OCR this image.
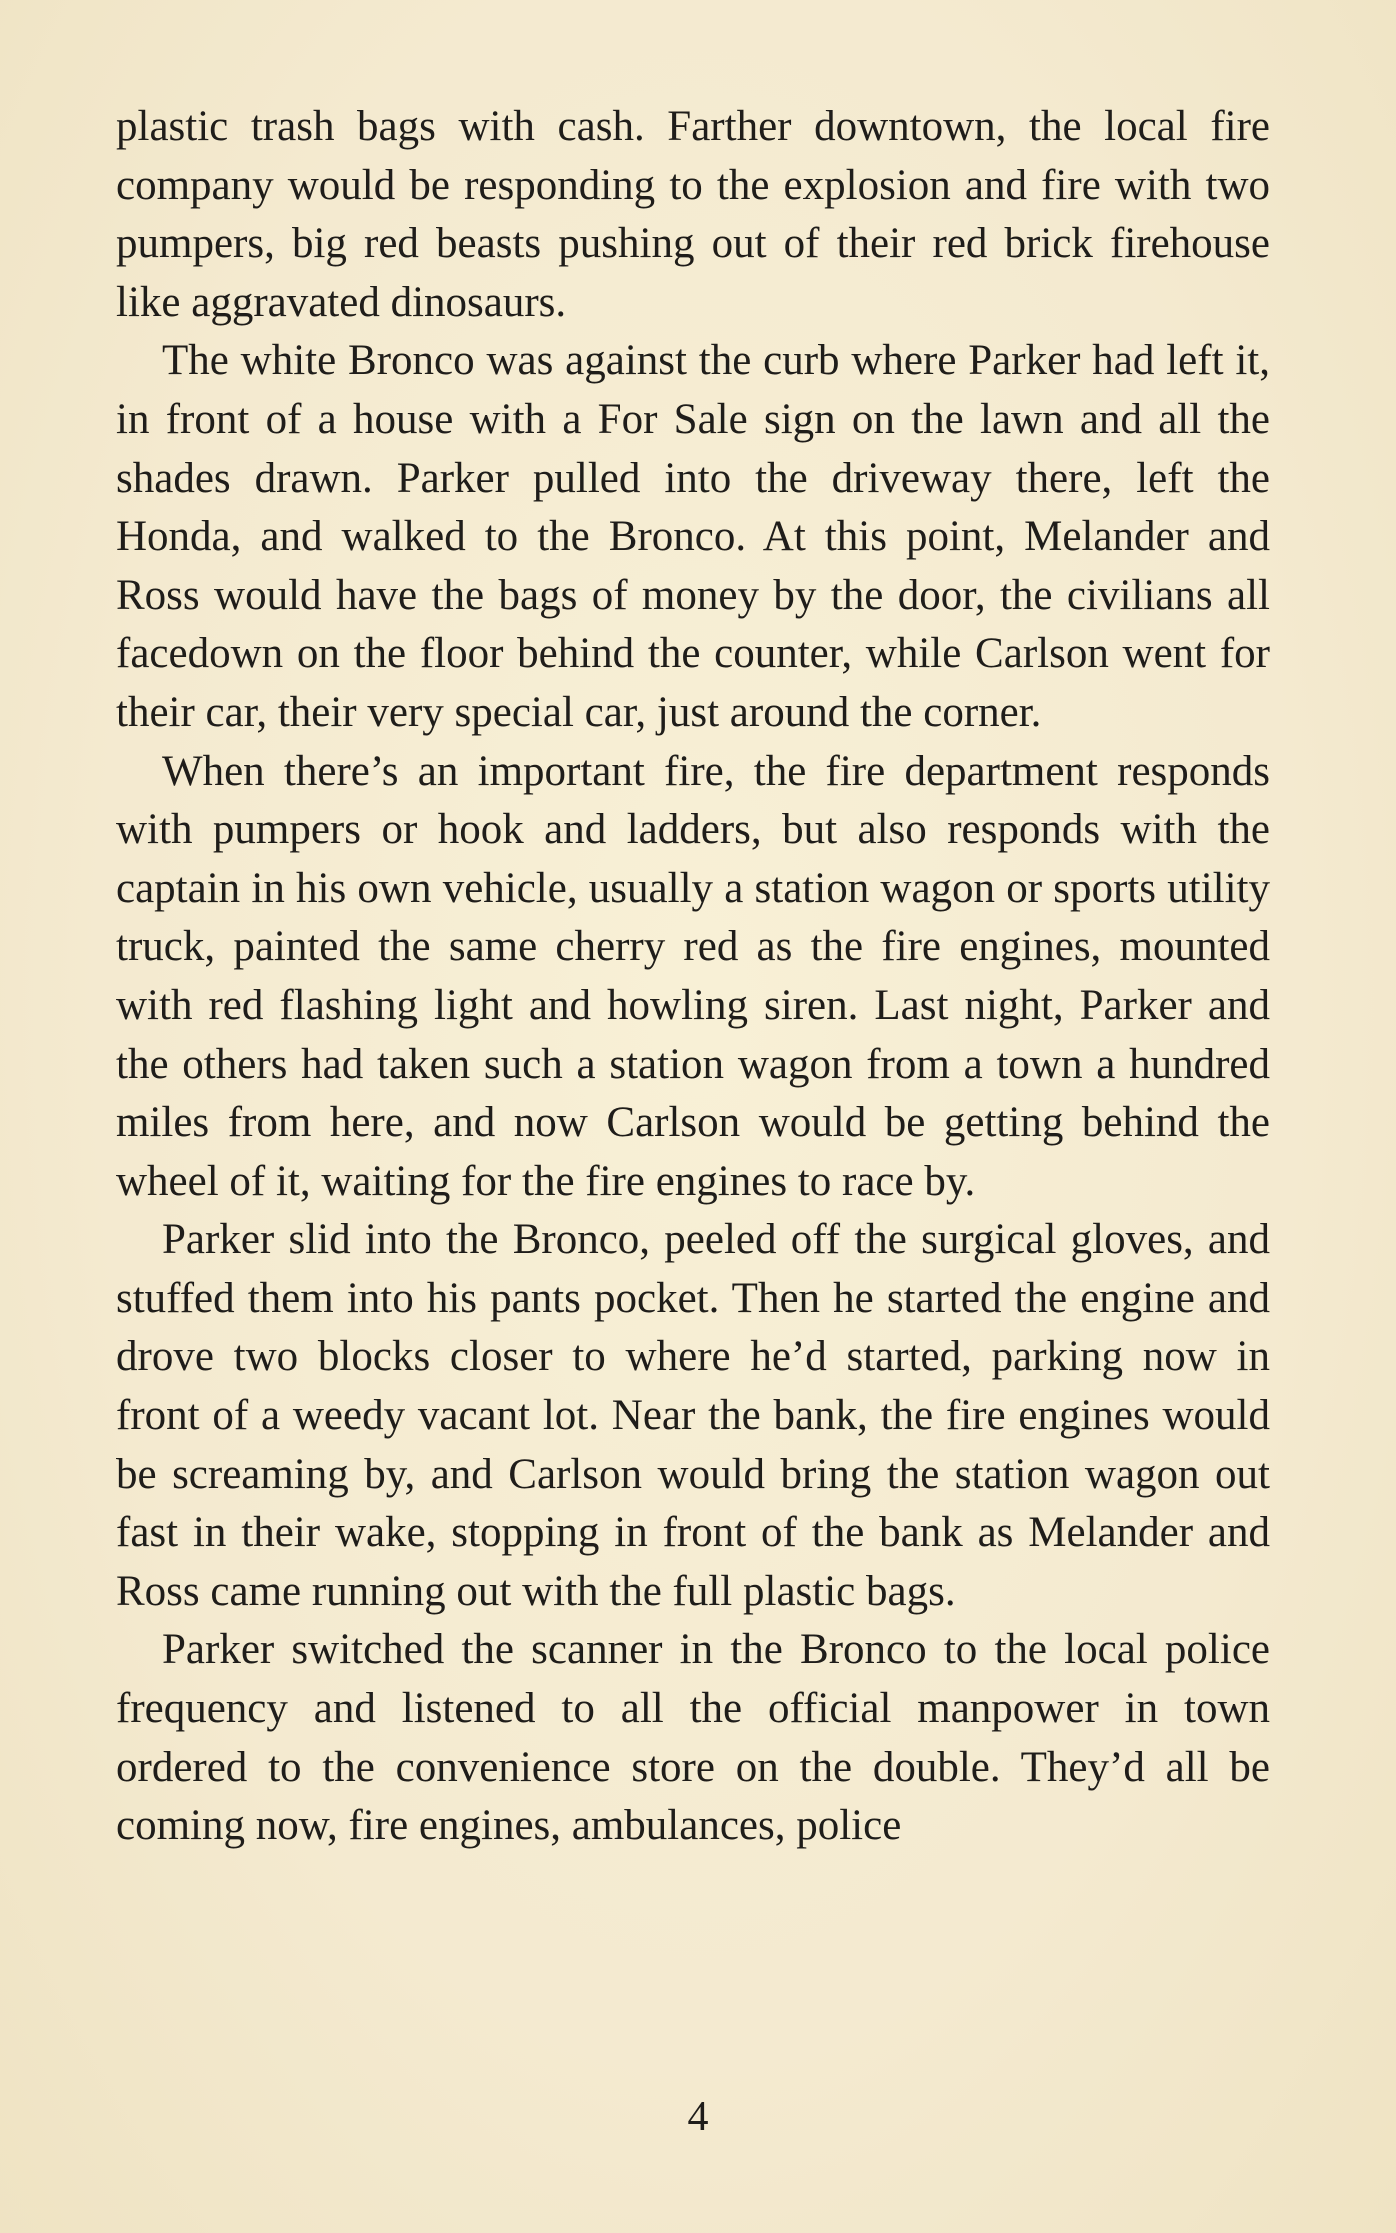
plastic trash bags with cash. Farther downtown, the local fire company would be responding to the explosion and fire with two pumpers, big red beasts pushing out of their red brick firehouse like aggravated dinosaurs.

The white Bronco was against the curb where Parker had left it, in front of a house with a For Sale sign on the lawn and all the shades drawn. Parker pulled into the driveway there, left the Honda, and walked to the Bronco. At this point, Melander and Ross would have the bags of money by the door, the civilians all facedown on the floor behind the counter, while Carlson went for their car, their very special car, just around the corner.

When there’s an important fire, the fire department responds with pumpers or hook and ladders, but also responds with the captain in his own vehicle, usually a station wagon or sports utility truck, painted the same cherry red as the fire engines, mounted with red flashing light and howling siren. Last night, Parker and the others had taken such a station wagon from a town a hundred miles from here, and now Carlson would be getting behind the wheel of it, waiting for the fire engines to race by.

Parker slid into the Bronco, peeled off the surgical gloves, and stuffed them into his pants pocket. Then he started the engine and drove two blocks closer to where he’d started, parking now in front of a weedy vacant lot. Near the bank, the fire engines would be screaming by, and Carlson would bring the station wagon out fast in their wake, stopping in front of the bank as Melander and Ross came running out with the full plastic bags.

Parker switched the scanner in the Bronco to the local police frequency and listened to all the official manpower in town ordered to the convenience store on the double. They’d all be coming now, fire engines, ambulances, police

4
